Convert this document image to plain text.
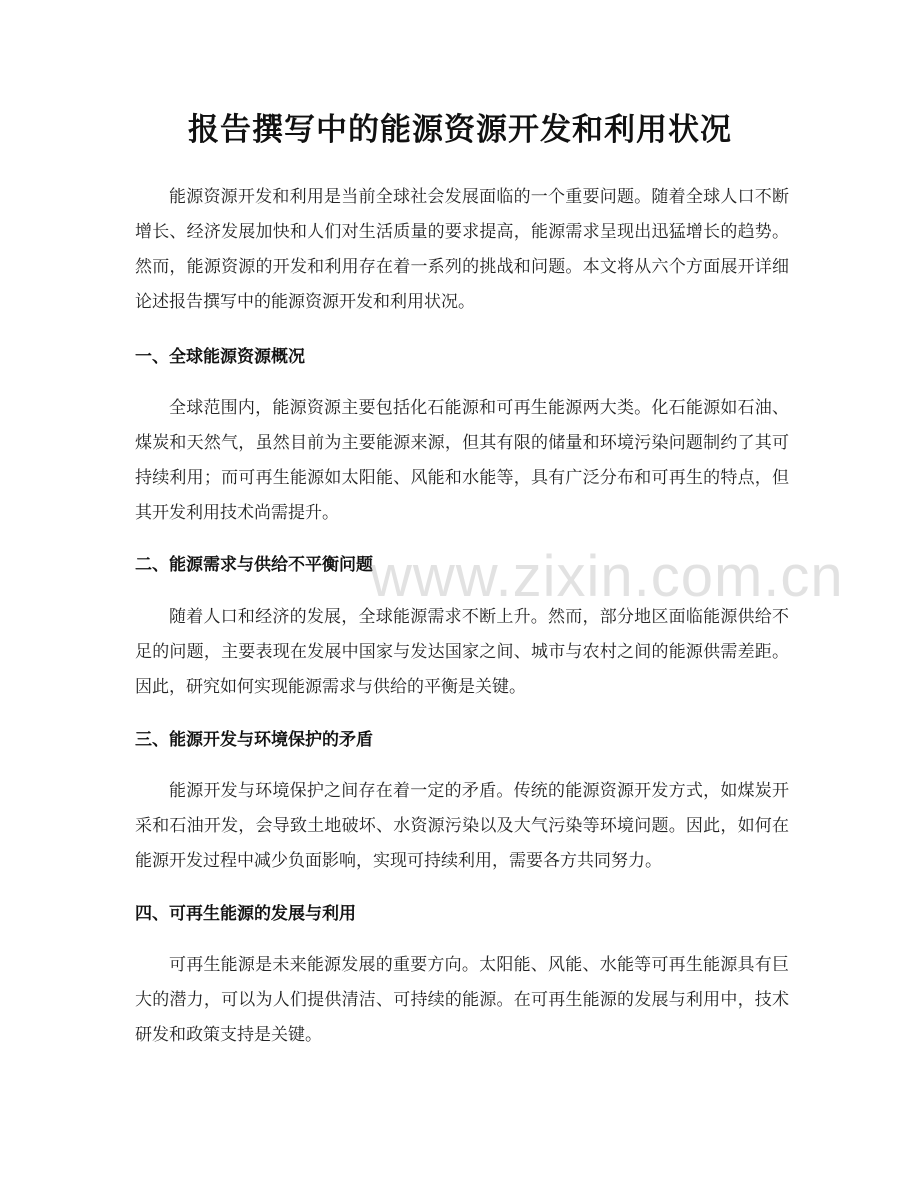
报告撰写中的能源资源开发和利用状况

能源资源开发和利用是当前全球社会发展面临的一个重要问题。随着全球人口不断增长、经济发展加快和人们对生活质量的要求提高，能源需求呈现出迅猛增长的趋势。然而，能源资源的开发和利用存在着一系列的挑战和问题。本文将从六个方面展开详细论述报告撰写中的能源资源开发和利用状况。

一、全球能源资源概况

全球范围内，能源资源主要包括化石能源和可再生能源两大类。化石能源如石油、煤炭和天然气，虽然目前为主要能源来源，但其有限的储量和环境污染问题制约了其可持续利用；而可再生能源如太阳能、风能和水能等，具有广泛分布和可再生的特点，但其开发利用技术尚需提升。

二、能源需求与供给不平衡问题

随着人口和经济的发展，全球能源需求不断上升。然而，部分地区面临能源供给不足的问题，主要表现在发展中国家与发达国家之间、城市与农村之间的能源供需差距。因此，研究如何实现能源需求与供给的平衡是关键。

三、能源开发与环境保护的矛盾

能源开发与环境保护之间存在着一定的矛盾。传统的能源资源开发方式，如煤炭开采和石油开发，会导致土地破坏、水资源污染以及大气污染等环境问题。因此，如何在能源开发过程中减少负面影响，实现可持续利用，需要各方共同努力。

四、可再生能源的发展与利用

可再生能源是未来能源发展的重要方向。太阳能、风能、水能等可再生能源具有巨大的潜力，可以为人们提供清洁、可持续的能源。在可再生能源的发展与利用中，技术研发和政策支持是关键。

www.zixin.com.cn
